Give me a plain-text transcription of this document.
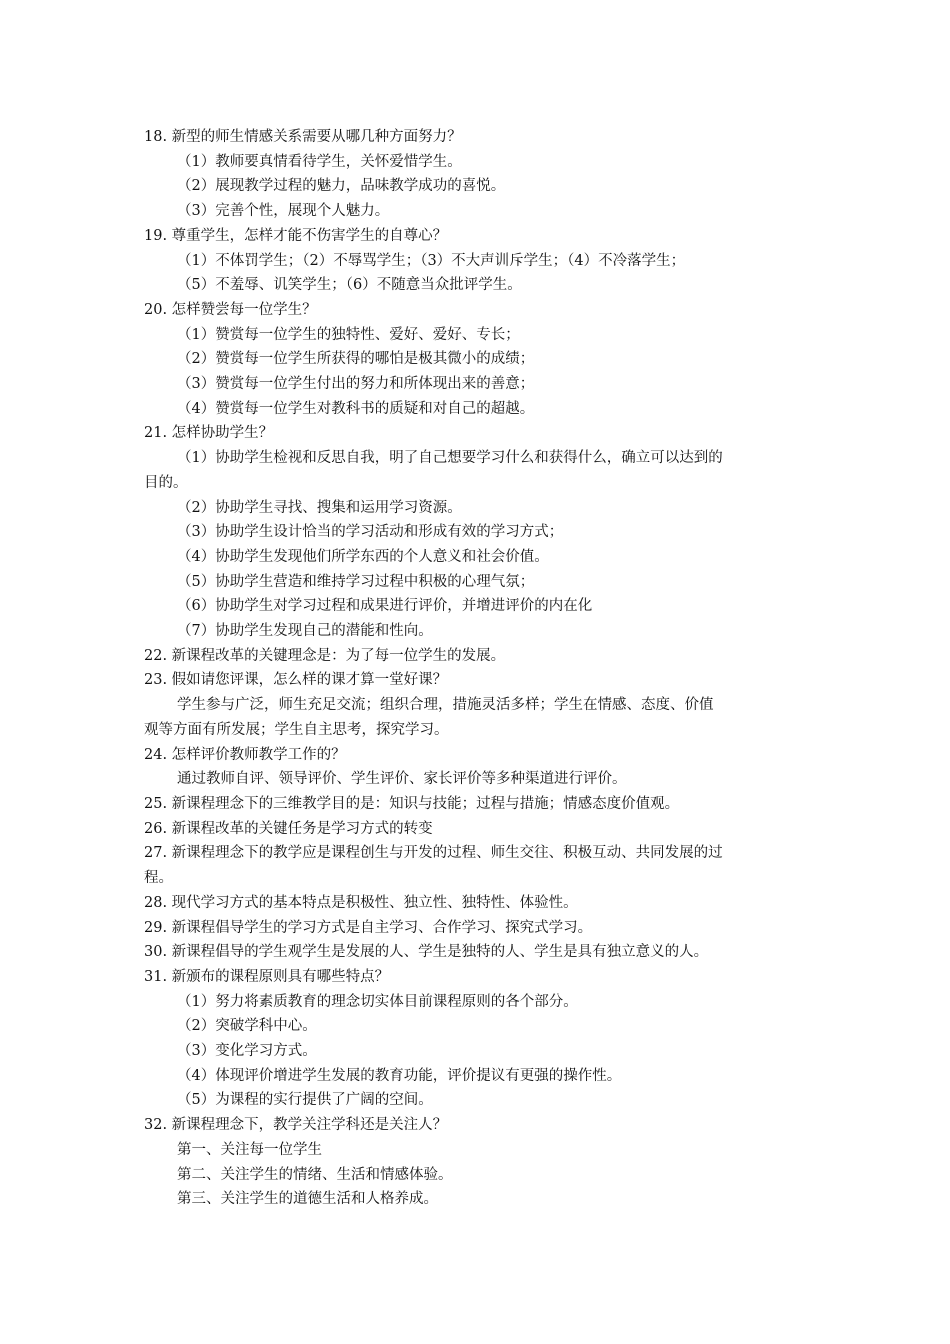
18. 新型的师生情感关系需要从哪几种方面努力？

（1）教师要真情看待学生，关怀爱惜学生。

（2）展现教学过程的魅力，品味教学成功的喜悦。

（3）完善个性，展现个人魅力。

19. 尊重学生，怎样才能不伤害学生的自尊心？

（1）不体罚学生；（2）不辱骂学生；（3）不大声训斥学生；（4）不冷落学生；

（5）不羞辱、讥笑学生；（6）不随意当众批评学生。

20. 怎样赞尝每一位学生？

（1）赞赏每一位学生的独特性、爱好、爱好、专长；

（2）赞赏每一位学生所获得的哪怕是极其微小的成绩；

（3）赞赏每一位学生付出的努力和所体现出来的善意；

（4）赞赏每一位学生对教科书的质疑和对自己的超越。

21. 怎样协助学生？

（1）协助学生检视和反思自我，明了自己想要学习什么和获得什么，确立可以达到的

目的。

（2）协助学生寻找、搜集和运用学习资源。

（3）协助学生设计恰当的学习活动和形成有效的学习方式；

（4）协助学生发现他们所学东西的个人意义和社会价值。

（5）协助学生营造和维持学习过程中积极的心理气氛；

（6）协助学生对学习过程和成果进行评价，并增进评价的内在化

（7）协助学生发现自己的潜能和性向。

22. 新课程改革的关键理念是：为了每一位学生的发展。

23. 假如请您评课，怎么样的课才算一堂好课？

学生参与广泛，师生充足交流；组织合理，措施灵活多样；学生在情感、态度、价值

观等方面有所发展；学生自主思考，探究学习。

24. 怎样评价教师教学工作的？

通过教师自评、领导评价、学生评价、家长评价等多种渠道进行评价。

25. 新课程理念下的三维教学目的是：知识与技能；过程与措施；情感态度价值观。

26. 新课程改革的关键任务是学习方式的转变

27. 新课程理念下的教学应是课程创生与开发的过程、师生交往、积极互动、共同发展的过

程。

28. 现代学习方式的基本特点是积极性、独立性、独特性、体验性。

29. 新课程倡导学生的学习方式是自主学习、合作学习、探究式学习。

30. 新课程倡导的学生观学生是发展的人、学生是独特的人、学生是具有独立意义的人。

31. 新颁布的课程原则具有哪些特点？

（1）努力将素质教育的理念切实体目前课程原则的各个部分。

（2）突破学科中心。

（3）变化学习方式。

（4）体现评价增进学生发展的教育功能，评价提议有更强的操作性。

（5）为课程的实行提供了广阔的空间。

32. 新课程理念下，教学关注学科还是关注人？

第一、关注每一位学生

第二、关注学生的情绪、生活和情感体验。

第三、关注学生的道德生活和人格养成。
